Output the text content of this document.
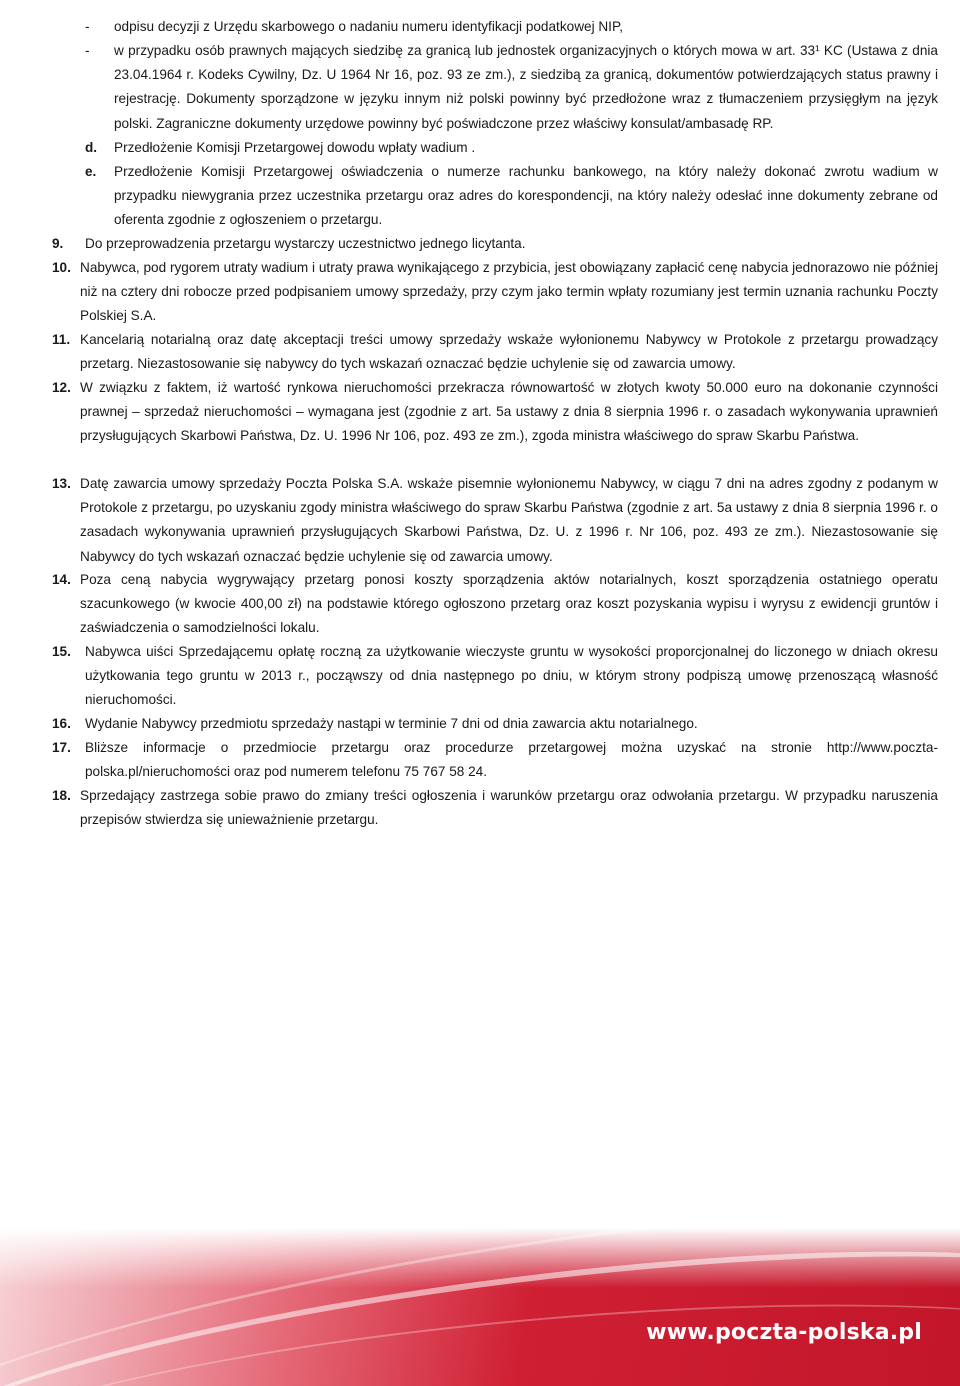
- odpisu decyzji z Urzędu skarbowego o nadaniu numeru identyfikacji podatkowej NIP,
- w przypadku osób prawnych mających siedzibę za granicą lub jednostek organizacyjnych o których mowa w art. 33¹ KC (Ustawa z dnia 23.04.1964 r. Kodeks Cywilny, Dz. U 1964 Nr 16, poz. 93 ze zm.), z siedzibą za granicą, dokumentów potwierdzających status prawny i rejestrację. Dokumenty sporządzone w języku innym niż polski powinny być przedłożone wraz z tłumaczeniem przysięgłym na język polski. Zagraniczne dokumenty urzędowe powinny być poświadczone przez właściwy konsulat/ambasadę RP.
d. Przedłożenie Komisji Przetargowej dowodu wpłaty wadium .
e. Przedłożenie Komisji Przetargowej oświadczenia o numerze rachunku bankowego, na który należy dokonać zwrotu wadium w przypadku niewygrania przez uczestnika przetargu oraz adres do korespondencji, na który należy odesłać inne dokumenty zebrane od oferenta zgodnie z ogłoszeniem o przetargu.
9. Do przeprowadzenia przetargu wystarczy uczestnictwo jednego licytanta.
10. Nabywca, pod rygorem utraty wadium i utraty prawa wynikającego z przybicia, jest obowiązany zapłacić cenę nabycia jednorazowo nie później niż na cztery dni robocze przed podpisaniem umowy sprzedaży, przy czym jako termin wpłaty rozumiany jest termin uznania rachunku Poczty Polskiej S.A.
11. Kancelarią notarialną oraz datę akceptacji treści umowy sprzedaży wskaże wyłonionemu Nabywcy w Protokole z przetargu prowadzący przetarg. Niezastosowanie się nabywcy do tych wskazań oznaczać będzie uchylenie się od zawarcia umowy.
12. W związku z faktem, iż wartość rynkowa nieruchomości przekracza równowartość w złotych kwoty 50.000 euro na dokonanie czynności prawnej – sprzedaż nieruchomości – wymagana jest (zgodnie z art. 5a ustawy z dnia 8 sierpnia 1996 r. o zasadach wykonywania uprawnień przysługujących Skarbowi Państwa, Dz. U. 1996 Nr 106, poz. 493 ze zm.), zgoda ministra właściwego do spraw Skarbu Państwa.
13. Datę zawarcia umowy sprzedaży Poczta Polska S.A. wskaże pisemnie wyłonionemu Nabywcy, w ciągu 7 dni na adres zgodny z podanym w Protokole z przetargu, po uzyskaniu zgody ministra właściwego do spraw Skarbu Państwa (zgodnie z art. 5a ustawy z dnia 8 sierpnia 1996 r. o zasadach wykonywania uprawnień przysługujących Skarbowi Państwa, Dz. U. z 1996 r. Nr 106, poz. 493 ze zm.). Niezastosowanie się Nabywcy do tych wskazań oznaczać będzie uchylenie się od zawarcia umowy.
14. Poza ceną nabycia wygrywający przetarg ponosi koszty sporządzenia aktów notarialnych, koszt sporządzenia ostatniego operatu szacunkowego (w kwocie 400,00 zł) na podstawie którego ogłoszono przetarg oraz koszt pozyskania wypisu i wyrysu z ewidencji gruntów i zaświadczenia o samodzielności lokalu.
15. Nabywca uiści Sprzedającemu opłatę roczną za użytkowanie wieczyste gruntu w wysokości proporcjonalnej do liczonego w dniach okresu użytkowania tego gruntu w 2013 r., począwszy od dnia następnego po dniu, w którym strony podpiszą umowę przenoszącą własność nieruchomości.
16. Wydanie Nabywcy przedmiotu sprzedaży nastąpi w terminie 7 dni od dnia zawarcia aktu notarialnego.
17. Bliższe informacje o przedmiocie przetargu oraz procedurze przetargowej można uzyskać na stronie http://www.poczta-polska.pl/nieruchomości oraz pod numerem telefonu 75 767 58 24.
18. Sprzedający zastrzega sobie prawo do zmiany treści ogłoszenia i warunków przetargu oraz odwołania przetargu. W przypadku naruszenia przepisów stwierdza się unieważnienie przetargu.
www.poczta-polska.pl
